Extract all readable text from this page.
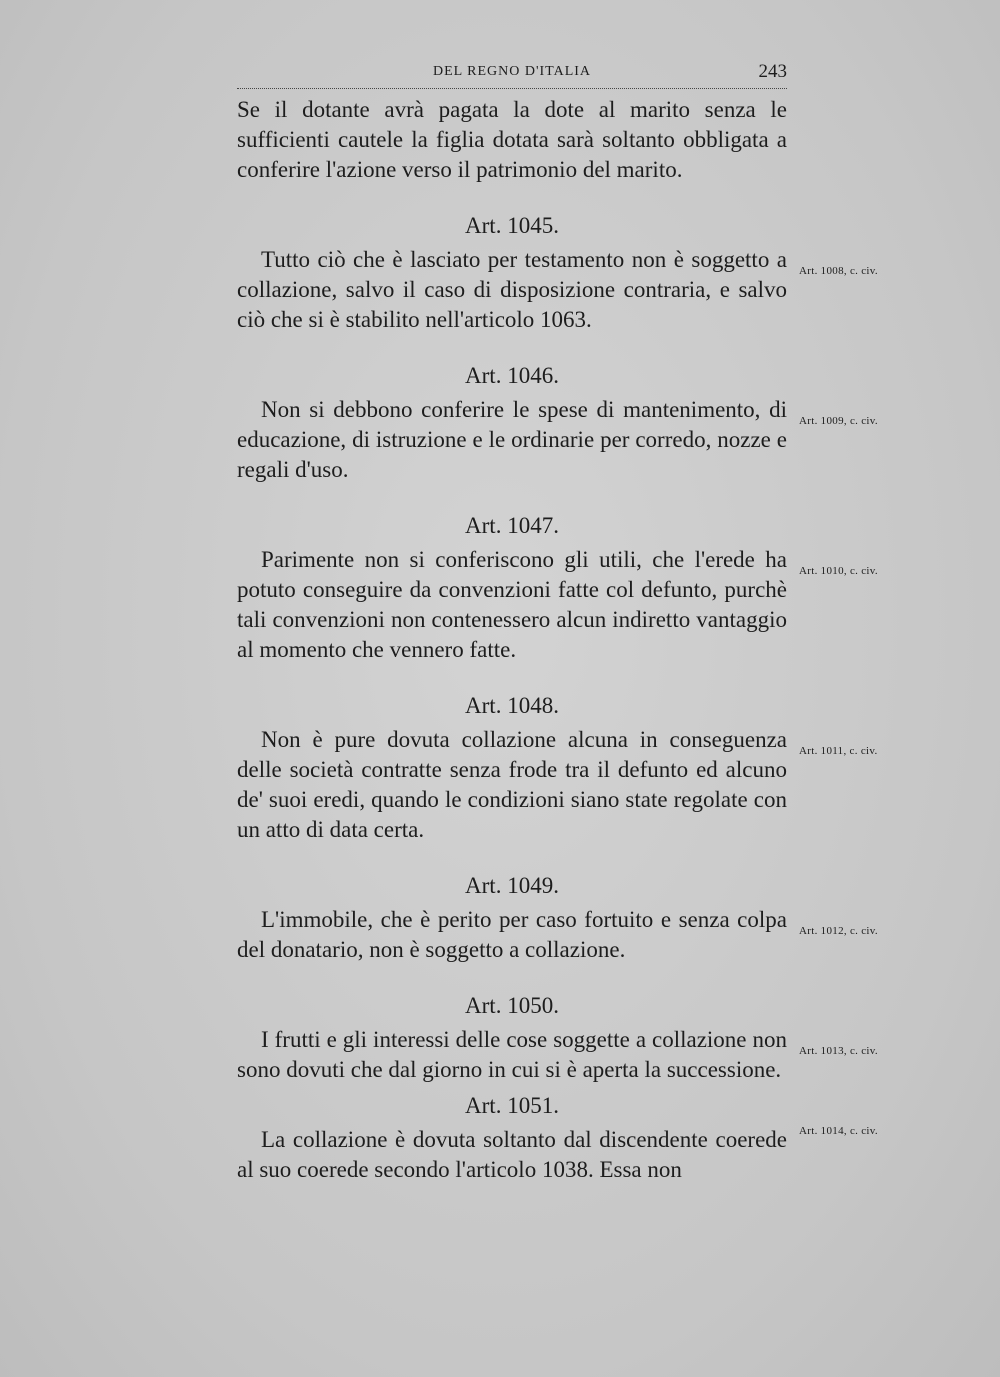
DEL REGNO D'ITALIA	243

Se il dotante avrà pagata la dote al marito senza le sufficienti cautele la figlia dotata sarà soltanto obbligata a conferire l'azione verso il patrimonio del marito.

Art. 1045.
Art. 1008, c. civ.

Tutto ciò che è lasciato per testamento non è soggetto a collazione, salvo il caso di disposizione contraria, e salvo ciò che si è stabilito nell'articolo 1063.

Art. 1046.
Art. 1009, c. civ.

Non si debbono conferire le spese di mantenimento, di educazione, di istruzione e le ordinarie per corredo, nozze e regali d'uso.

Art. 1047.
Art. 1010, c. civ.

Parimente non si conferiscono gli utili, che l'erede ha potuto conseguire da convenzioni fatte col defunto, purchè tali convenzioni non contenessero alcun indiretto vantaggio al momento che vennero fatte.

Art. 1048.
Art. 1011, c. civ.

Non è pure dovuta collazione alcuna in conseguenza delle società contratte senza frode tra il defunto ed alcuno de' suoi eredi, quando le condizioni siano state regolate con un atto di data certa.

Art. 1049.
Art. 1012, c. civ.

L'immobile, che è perito per caso fortuito e senza colpa del donatario, non è soggetto a collazione.

Art. 1050.
Art. 1013, c. civ.

I frutti e gli interessi delle cose soggette a collazione non sono dovuti che dal giorno in cui si è aperta la successione.

Art. 1051.
Art. 1014, c. civ.

La collazione è dovuta soltanto dal discendente coerede al suo coerede secondo l'articolo 1038. Essa non
